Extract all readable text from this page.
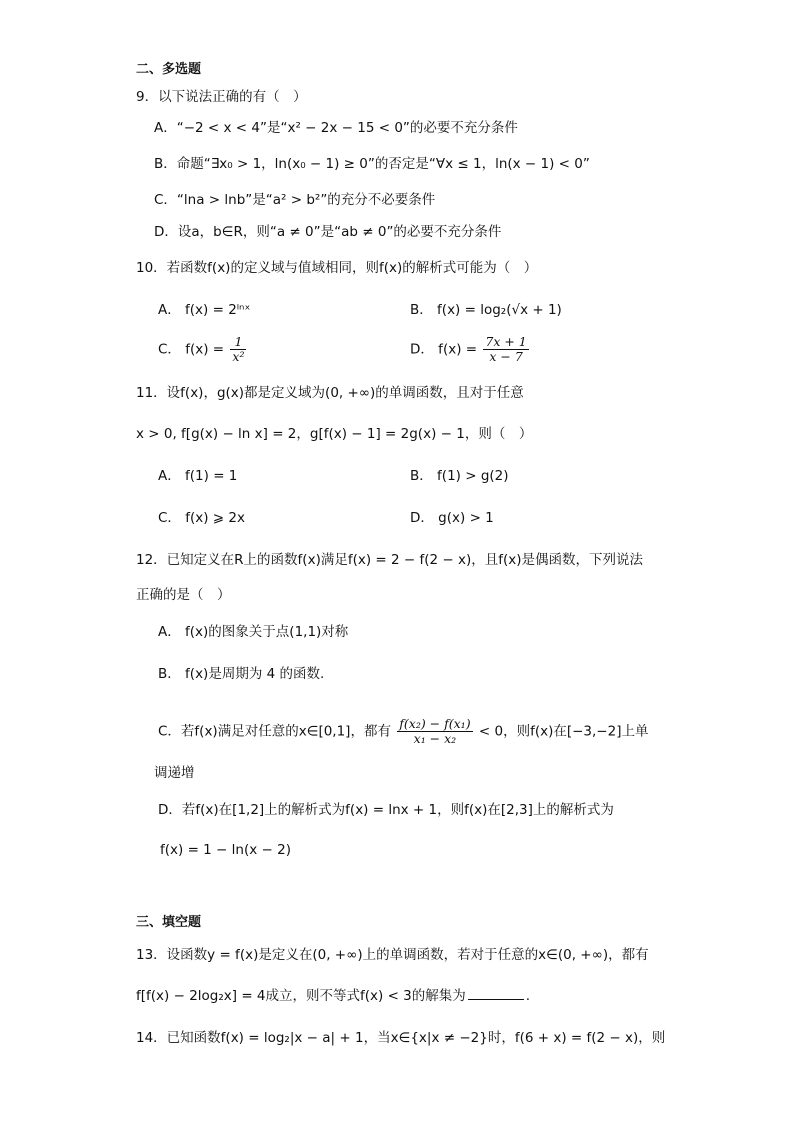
二、多选题
9．以下说法正确的有（　）
A．“−2 < x < 4”是“x² − 2x − 15 < 0”的必要不充分条件
B．命题“∃x₀ > 1，ln(x₀ − 1) ≥ 0”的否定是“∀x ≤ 1，ln(x − 1) < 0”
C．“lna > lnb”是“a² > b²”的充分不必要条件
D．设a，b∈R，则“a ≠ 0”是“ab ≠ 0”的必要不充分条件
10．若函数f(x)的定义域与值域相同，则f(x)的解析式可能为（　）
A． f(x) = 2ˡⁿˣ	B． f(x) = log₂(√x + 1)
C． $f(x) = \frac{1}{\text{x²}}$	D． $f(x) = \frac{7x + 1}{x - 7}$
11．设f(x)，g(x)都是定义域为(0, +∞)的单调函数，且对于任意
x > 0, f[g(x) − ln x] = 2，g[f(x) − 1] = 2g(x) − 1，则（　）
A． f(1) = 1	B． f(1) > g(2)
C． f(x) ⩾ 2x	D． g(x) > 1
12．已知定义在R上的函数f(x)满足f(x) = 2 − f(2 − x)，且f(x)是偶函数，下列说法
正确的是（　）
A． f(x)的图象关于点(1,1)对称
B． f(x)是周期为 4 的函数.
C．若f(x)满足对任意的x∈[0,1]，都有 $\frac{\text{f(x₂) − f(x₁)}}{\text{x₁ − x₂}} < 0$，则f(x)在[−3,−2]上单
调递增
D．若f(x)在[1,2]上的解析式为f(x) = lnx + 1，则f(x)在[2,3]上的解析式为
f(x) = 1 − ln(x − 2)
三、填空题
13．设函数y = f(x)是定义在(0, +∞)上的单调函数，若对于任意的x∈(0, +∞)，都有
f[f(x) − 2log₂x] = 4成立，则不等式f(x) < 3的解集为	.
14．已知函数f(x) = log₂|x − a| + 1，当x∈{x|x ≠ −2}时，f(6 + x) = f(2 − x)，则
